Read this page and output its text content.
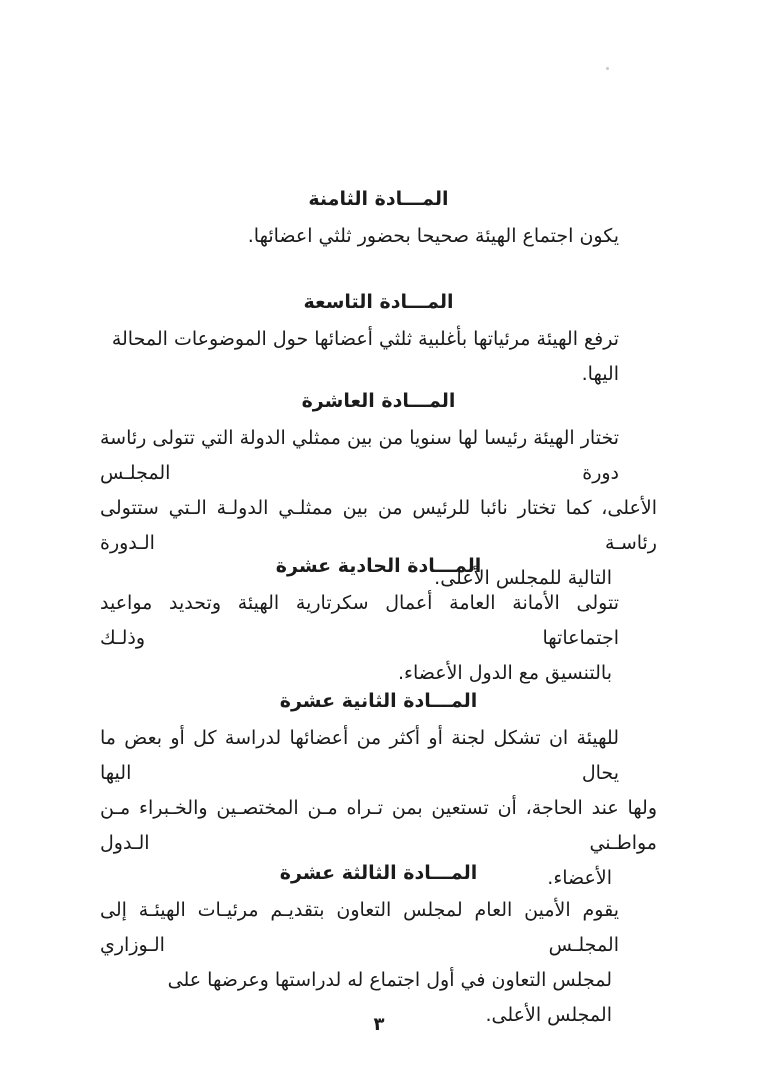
المـــادة الثامنة

يكون اجتماع الهيئة صحيحا بحضور ثلثي اعضائها.

المـــادة التاسعة

ترفع الهيئة مرئياتها بأغلبية ثلثي أعضائها حول الموضوعات المحالة اليها.

المـــادة العاشرة

تختار الهيئة رئيسا لها سنويا من بين ممثلي الدولة التي تتولى رئاسة دورة المجلـس

الأعلى، كما تختار نائبا للرئيس من بين ممثلـي الدولـة الـتي ستتولى رئاسـة الـدورة

التالية للمجلس الأعلى.

المـــادة الحادية عشرة

تتولى الأمانة العامة أعمال سكرتارية الهيئة وتحديد مواعيد اجتماعاتها وذلـك

بالتنسيق مع الدول الأعضاء.

المـــادة الثانية عشرة

للهيئة ان تشكل لجنة أو أكثر من أعضائها لدراسة كل أو بعض ما يحال اليها

ولها عند الحاجة، أن تستعين بمن تـراه مـن المختصـين والخـبراء مـن مواطـني الـدول

الأعضاء.

المـــادة الثالثة عشرة

يقوم الأمين العام لمجلس التعاون بتقديـم مرئيـات الهيئـة إلى المجلـس الـوزاري

لمجلس التعاون في أول اجتماع له لدراستها وعرضها على المجلس الأعلى.

٣
